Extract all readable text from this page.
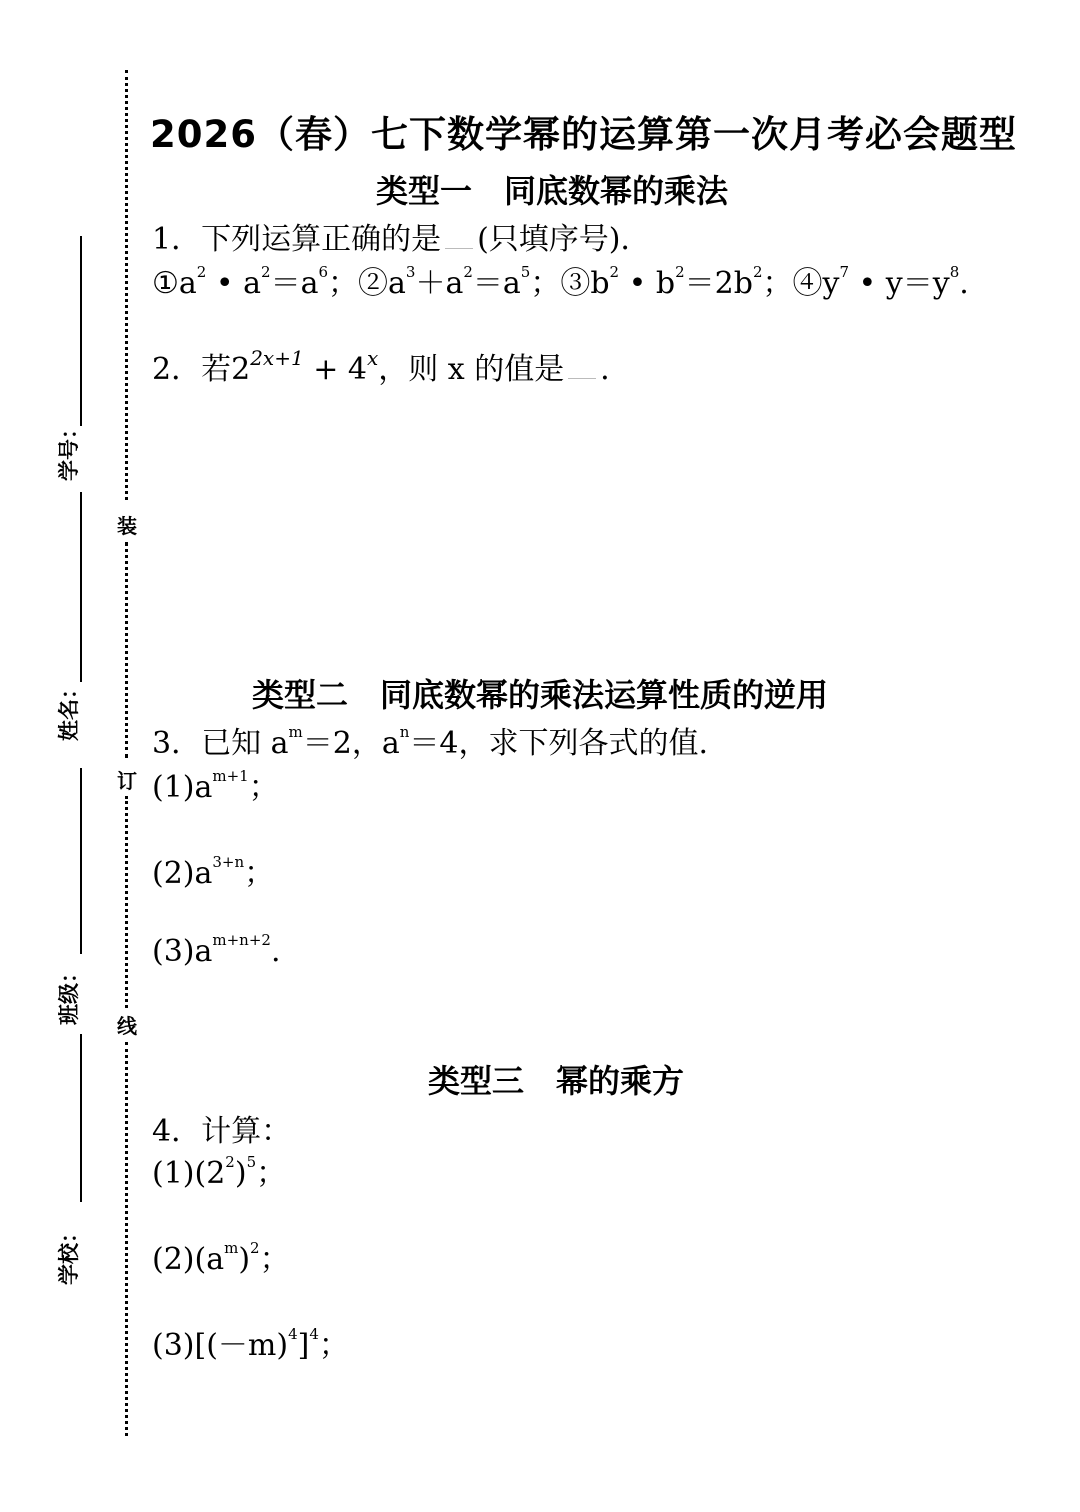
学号：
姓名：
班级：
学校：
装
订
线
2026（春）七下数学幂的运算第一次月考必会题型
类型一　同底数幂的乘法
1．下列运算正确的是 (只填序号)．
$①a^2$ • $a^2=a^6$；$②a^3+a^2=a^5$；$③b^2$ • $b^2=2b^2$；$④y^7$ • $y=y^8$.
2．若$2^{2x+1} + 4^x$，则 x 的值是 ．
类型二　同底数幂的乘法运算性质的逆用
3．已知 $a^m=2$，$a^n=4$，求下列各式的值.
$(1)a^{m+1}$；
$(2)a^{3+n}$；
$(3)a^{m+n+2}$.
类型三　幂的乘方
4．计算：
$(1)(2^2)^5$；
$(2)(a^m)^2$；
$(3)[(-m)^4]^4$；
